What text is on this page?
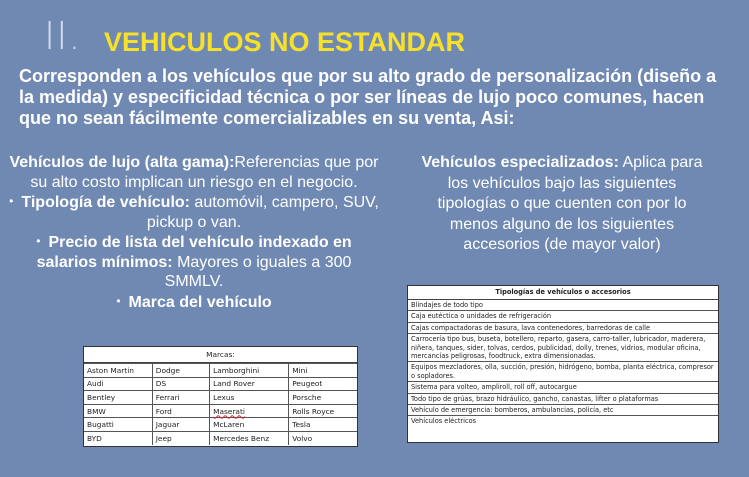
II. VEHICULOS NO ESTANDAR
Corresponden a los vehículos que por su alto grado de personalización (diseño a la medida) y especificidad técnica o por ser líneas de lujo poco comunes, hacen que no sean fácilmente comercializables en su venta, Asi:

Vehículos de lujo (alta gama):Referencias que por su alto costo implican un riesgo en el negocio.

• Tipología de vehículo: automóvil, campero, SUV, pickup o van.
• Precio de lista del vehículo indexado en salarios mínimos: Mayores o iguales a 300 SMMLV.
• Marca del vehículo
Vehículos especializados: Aplica para los vehículos bajo las siguientes tipologías o que cuenten con por lo menos alguno de los siguientes accesorios (de mayor valor)
Marcas:
Aston Martin	Dodge	Lamborghini	Mini
Audi	DS	Land Rover	Peugeot
Bentley	Ferrari	Lexus	Porsche
BMW	Ford	Maserati	Rolls Royce
Bugatti	Jaguar	McLaren	Tesla
BYD	Jeep	Mercedes Benz	Volvo
Tipologías de vehículos o accesorios
Blindajes de todo tipo
Caja eutéctica o unidades de refrigeración
Cajas compactadoras de basura, lava contenedores, barredoras de calle
Carrocería tipo bus, buseta, botellero, reparto, gasera, carro-taller, lubricador, maderera, niñera, tanques, sider, tolvas, cerdos, publicidad, dolly, trenes, vidrios, modular oficina, mercancías peligrosas, foodtruck, extra dimensionadas.
Equipos mezcladores, olla, succión, presión, hidrógeno, bomba, planta eléctrica, compresor o sopladores.
Sistema para volteo, ampliroll, roll off, autocargue
Todo tipo de grúas, brazo hidráulico, gancho, canastas, lifter o plataformas
Vehículo de emergencia: bomberos, ambulancias, policía, etc
Vehículos eléctricos
